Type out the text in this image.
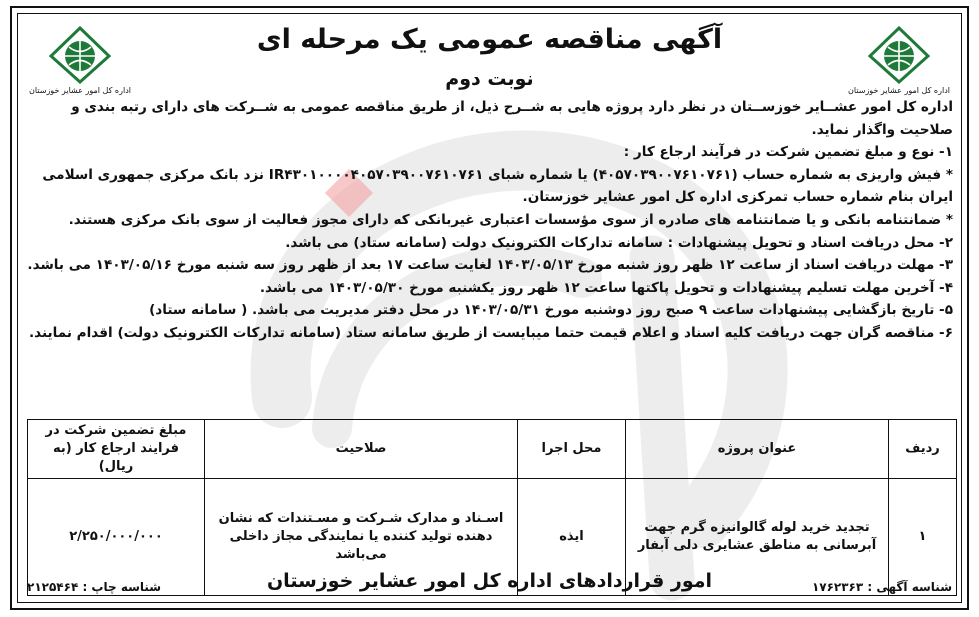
اداره کل امور عشایر خوزستان
اداره کل امور عشایر خوزستان
آگهی مناقصه عمومی یک مرحله ای
نوبت دوم

اداره کل امور عشــایر خوزســتان در نظر دارد پروژه هایی به شــرح ذیل، از طریق مناقصه عمومی به شــرکت های دارای رتبه بندی و صلاحیت واگذار نماید.

۱- نوع و مبلغ تضمین شرکت در فرآیند ارجاع کار :

* فیش واریزی به شماره حساب (۴۰۵۷۰۳۹۰۰۷۶۱۰۷۶۱) یا شماره شبای IR۴۳۰۱۰۰۰۰۴۰۵۷۰۳۹۰۰۷۶۱۰۷۶۱ نزد بانک مرکزی جمهوری اسلامی

ایران بنام شماره حساب تمرکزی اداره کل امور عشایر خوزستان.

* ضمانتنامه بانکی و یا ضمانتنامه های صادره از سوی مؤسسات اعتباری غیربانکی که دارای مجوز فعالیت از سوی بانک مرکزی هستند.

۲- محل دریافت اسناد و تحویل پیشنهادات : سامانه تدارکات الکترونیک دولت (سامانه ستاد) می باشد.

۳- مهلت دریافت اسناد از ساعت ۱۲ ظهر روز شنبه مورخ ۱۴۰۳/۰۵/۱۳ لغایت ساعت ۱۷ بعد از ظهر روز سه شنبه مورخ ۱۴۰۳/۰۵/۱۶ می باشد.

۴- آخرین مهلت تسلیم پیشنهادات و تحویل پاکتها ساعت ۱۲ ظهر روز یکشنبه مورخ ۱۴۰۳/۰۵/۳۰ می باشد.

۵- تاریخ بازگشایی پیشنهادات ساعت ۹ صبح روز دوشنبه مورخ ۱۴۰۳/۰۵/۳۱ در محل دفتر مدیریت می باشد. ( سامانه ستاد)

۶- مناقصه گران جهت دریافت کلیه اسناد و اعلام قیمت حتما میبایست از طریق سامانه ستاد (سامانه تدارکات الکترونیک دولت) اقدام نمایند.

ردیف	عنوان پروژه	محل اجرا	صلاحیت	مبلغ تضمین شرکت در فرایند ارجاع کار (به ریال)
۱	تجدید خرید لوله گالوانیزه گرم جهت آبرسانی به مناطق عشایری دلی آبفار	ایذه	اسـناد و مدارک شـرکت و مسـتندات که نشان دهنده تولید کننده یا نمایندگی مجاز داخلی می‌باشد	۲/۲۵۰/۰۰۰/۰۰۰
شناسه آگهی : ۱۷۶۲۳۶۳
امور قراردادهای اداره کل امور عشایر خوزستان
شناسه چاپ : ۲۱۲۵۴۶۴
